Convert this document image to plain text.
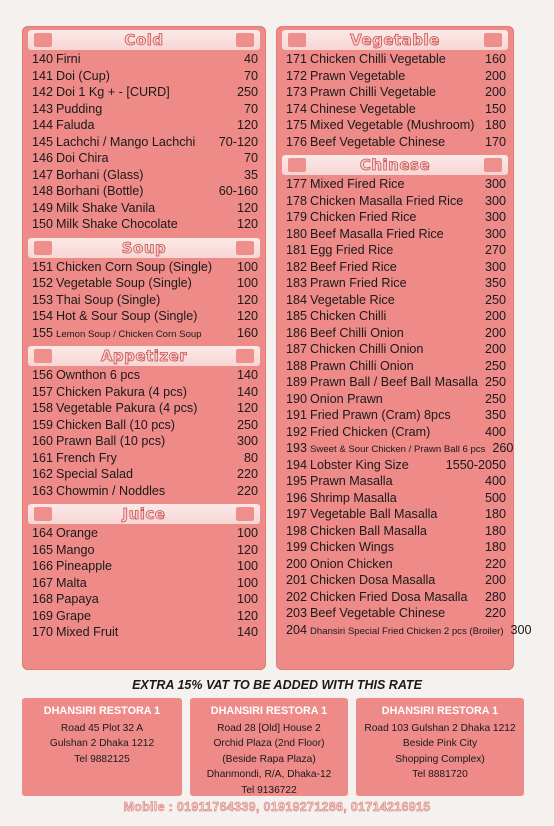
Cold
140 Firni	40
141 Doi (Cup)	70
142 Doi 1 Kg + - [CURD]	250
143 Pudding	70
144 Faluda	120
145 Lachchi / Mango Lachchi	70-120
146 Doi Chira	70
147 Borhani (Glass)	35
148 Borhani (Bottle)	60-160
149 Milk Shake Vanila	120
150 Milk Shake Chocolate	120
Soup
151 Chicken Corn Soup (Single)	100
152 Vegetable Soup (Single)	100
153 Thai Soup (Single)	120
154 Hot & Sour Soup (Single)	120
155 Lemon Soup / Chicken Corn Soup	160
Appetizer
156 Ownthon 6 pcs	140
157 Chicken Pakura (4 pcs)	140
158 Vegetable Pakura (4 pcs)	120
159 Chicken Ball (10 pcs)	250
160 Prawn Ball (10 pcs)	300
161 French Fry	80
162 Special Salad	220
163 Chowmin / Noddles	220
Juice
164 Orange	100
165 Mango	120
166 Pineapple	100
167 Malta	100
168 Papaya	100
169 Grape	120
170 Mixed Fruit	140
Vegetable
171 Chicken Chilli Vegetable	160
172 Prawn Vegetable	200
173 Prawn Chilli Vegetable	200
174 Chinese Vegetable	150
175 Mixed Vegetable (Mushroom) 180
176 Beef Vegetable Chinese	170
Chinese
177 Mixed Fired Rice	300
178 Chicken Masalla Fried Rice	300
179 Chicken Fried Rice	300
180 Beef Masalla Fried Rice	300
181 Egg Fried Rice	270
182 Beef Fried Rice	300
183 Prawn Fried Rice	350
184 Vegetable Rice	250
185 Chicken Chilli	200
186 Beef Chilli Onion	200
187 Chicken Chilli Onion	200
188 Prawn Chilli Onion	250
189 Prawn Ball / Beef Ball Masalla 250
190 Onion Prawn	250
191 Fried Prawn (Cram) 8pcs	350
192 Fried Chicken (Cram)	400
193 Sweet & Sour Chicken / Prawn Ball 6 pcs 260
194 Lobster King Size	1550-2050
195 Prawn Masalla	400
196 Shrimp Masalla	500
197 Vegetable Ball Masalla	180
198 Chicken Ball Masalla	180
199 Chicken Wings	180
200 Onion Chicken	220
201 Chicken Dosa Masalla	200
202 Chicken Fried Dosa Masalla	280
203 Beef Vegetable Chinese	220
204 Dhansiri Special Fried Chicken 2 pcs (Broiler) 300
EXTRA 15% VAT TO BE ADDED WITH THIS RATE
DHANSIRI RESTORA 1
Road 45 Plot 32 A
Gulshan 2 Dhaka 1212
Tel 9882125
DHANSIRI RESTORA 1
Road 28 [Old] House 2
Orchid Plaza (2nd Floor)
(Beside Rapa Plaza)
Dhanmondi, R/A, Dhaka-12
Tel 9136722
DHANSIRI RESTORA 1
Road 103 Gulshan 2 Dhaka 1212
Beside Pink City
Shopping Complex)
Tel 8881720
Mobile : 01911764339, 01919271286, 01714216915
